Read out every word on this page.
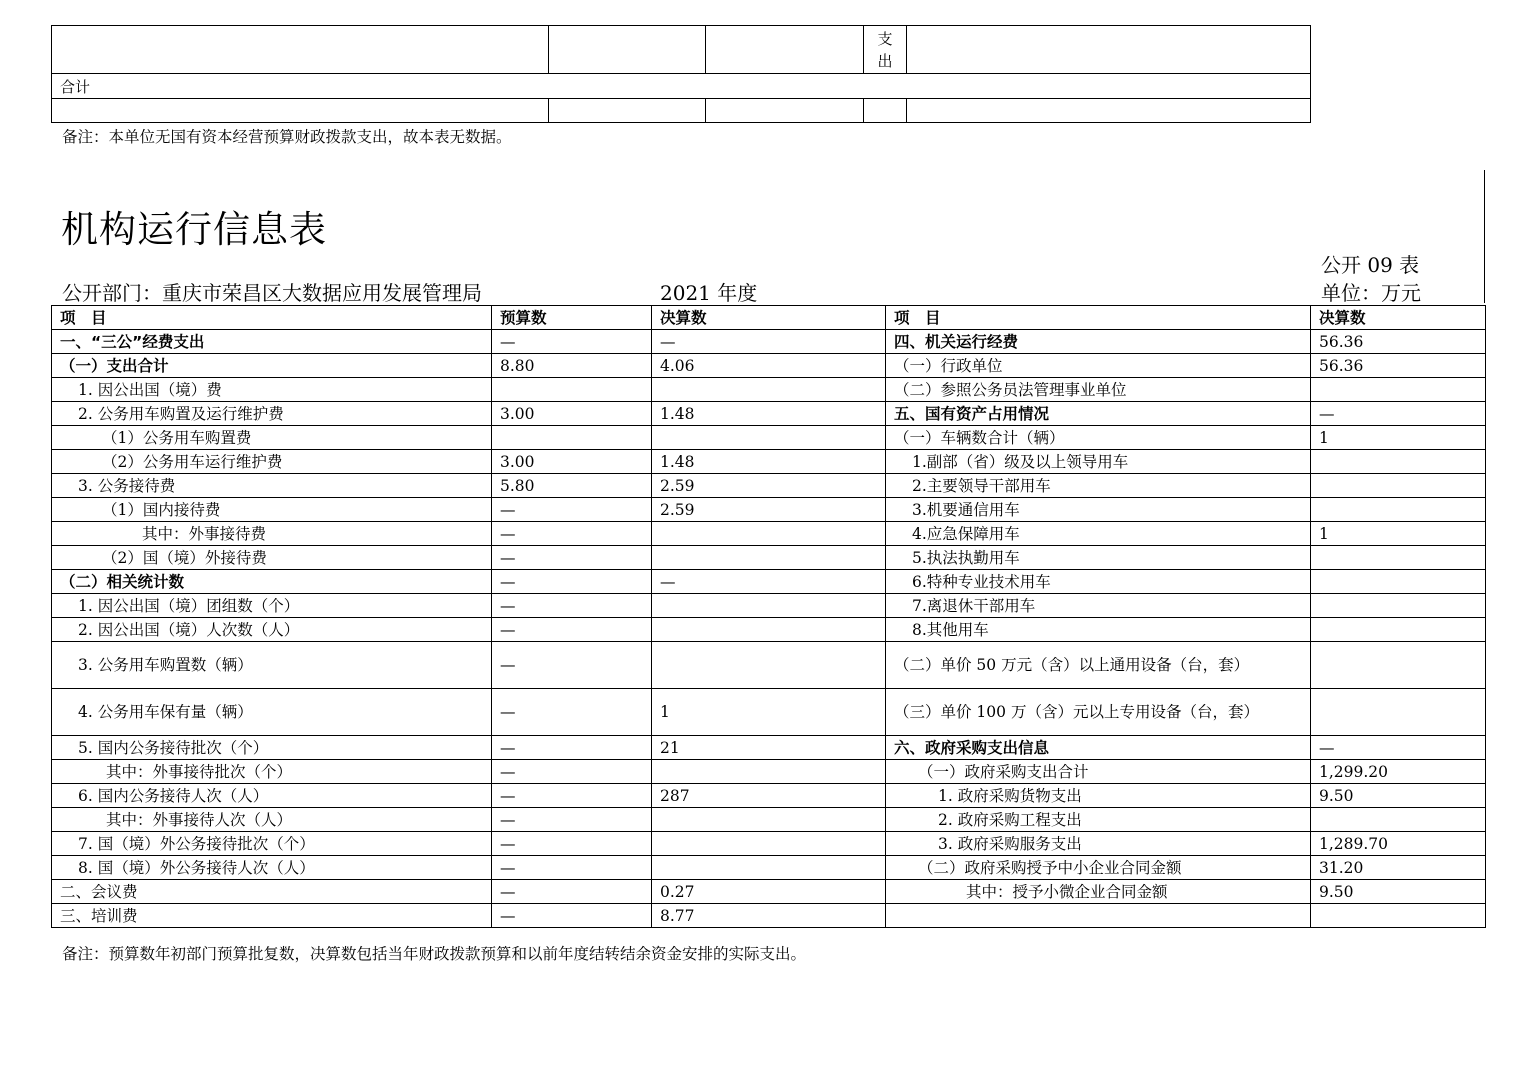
			支出	
合计				

备注：本单位无国有资本经营预算财政拨款支出，故本表无数据。
机构运行信息表
公开 09 表
公开部门：重庆市荣昌区大数据应用发展管理局	2021 年度	单位：万元
项　目	预算数	决算数	项　目	决算数
一、“三公”经费支出	—	—	四、机关运行经费	56.36
（一）支出合计	8.80	4.06	（一）行政单位	56.36
1. 因公出国（境）费			（二）参照公务员法管理事业单位	
2. 公务用车购置及运行维护费	3.00	1.48	五、国有资产占用情况	—
（1）公务用车购置费			（一）车辆数合计（辆）	1
（2）公务用车运行维护费	3.00	1.48	1.副部（省）级及以上领导用车	
3. 公务接待费	5.80	2.59	2.主要领导干部用车	
（1）国内接待费	—	2.59	3.机要通信用车	
其中：外事接待费	—		4.应急保障用车	1
（2）国（境）外接待费	—		5.执法执勤用车	
（二）相关统计数	—	—	6.特种专业技术用车	
1. 因公出国（境）团组数（个）	—		7.离退休干部用车	
2. 因公出国（境）人次数（人）	—		8.其他用车	
3. 公务用车购置数（辆）	—		（二）单价 50 万元（含）以上通用设备（台，套）	
4. 公务用车保有量（辆）	—	1	（三）单价 100 万（含）元以上专用设备（台，套）	
5. 国内公务接待批次（个）	—	21	六、政府采购支出信息	—
其中：外事接待批次（个）	—		（一）政府采购支出合计	1,299.20
6. 国内公务接待人次（人）	—	287	1. 政府采购货物支出	9.50
其中：外事接待人次（人）	—		2. 政府采购工程支出	
7. 国（境）外公务接待批次（个）	—		3. 政府采购服务支出	1,289.70
8. 国（境）外公务接待人次（人）	—		（二）政府采购授予中小企业合同金额	31.20
二、会议费	—	0.27	其中：授予小微企业合同金额	9.50
三、培训费	—	8.77		
备注：预算数年初部门预算批复数，决算数包括当年财政拨款预算和以前年度结转结余资金安排的实际支出。
